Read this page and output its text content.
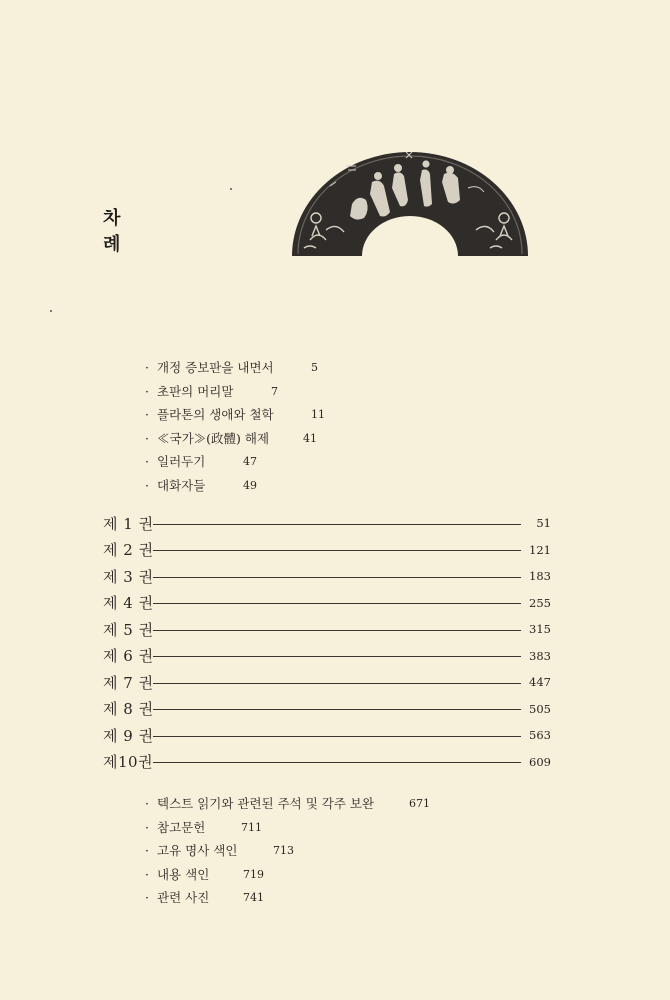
차
례
· 개정 증보판을 내면서	5
· 초판의 머리말	7
· 플라톤의 생애와 철학	11
· ≪국가≫(政體) 해제	41
· 일러두기	47
· 대화자들	49
제 1 권	51
제 2 권	121
제 3 권	183
제 4 권	255
제 5 권	315
제 6 권	383
제 7 권	447
제 8 권	505
제 9 권	563
제10권	609
· 텍스트 읽기와 관련된 주석 및 각주 보완	671
· 참고문헌	711
· 고유 명사 색인	713
· 내용 색인	719
· 관련 사진	741
